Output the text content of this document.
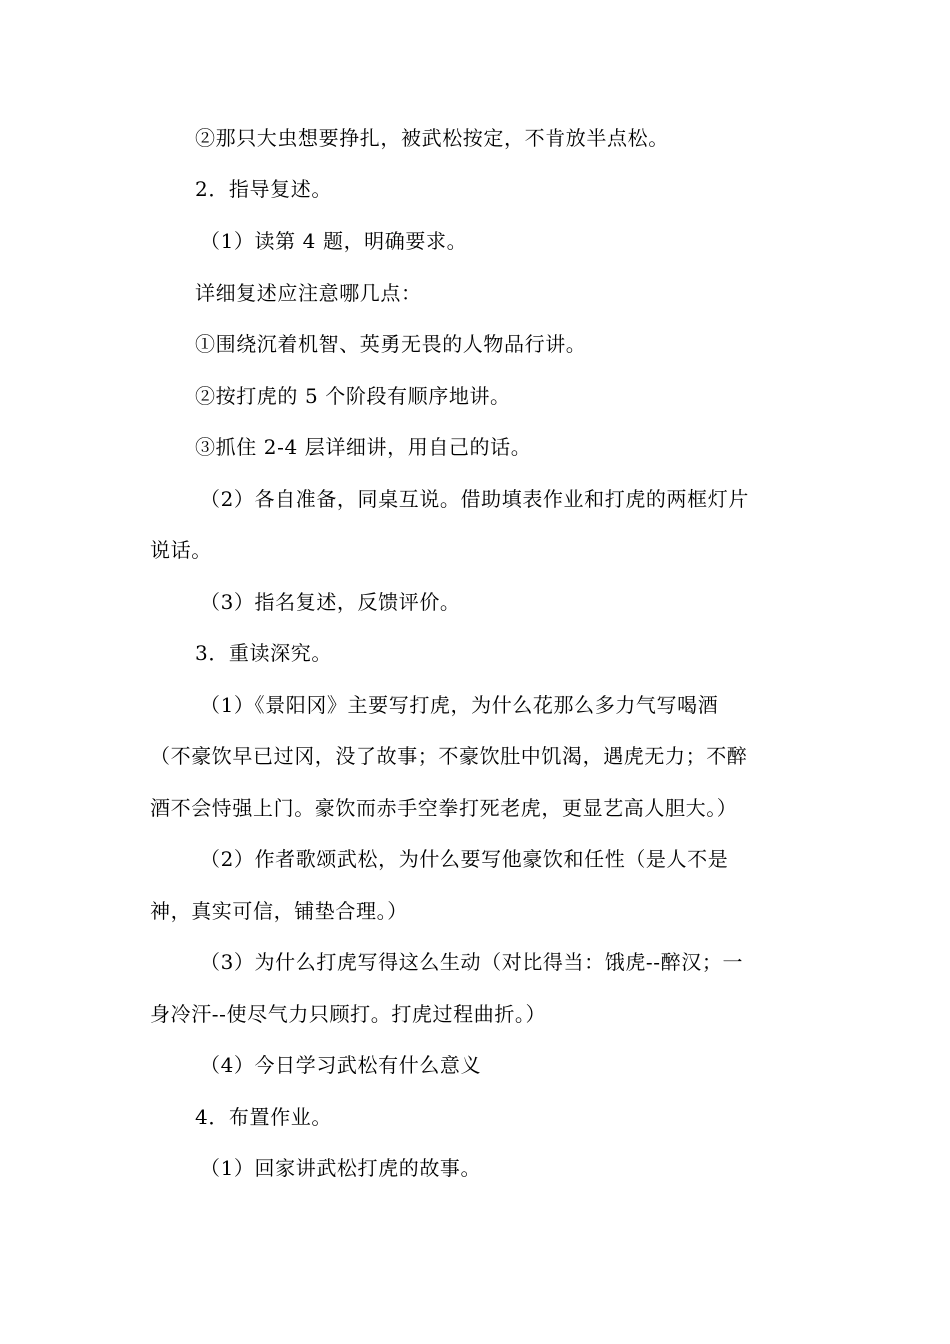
②那只大虫想要挣扎，被武松按定，不肯放半点松。
2．指导复述。
（1）读第 4 题，明确要求。
详细复述应注意哪几点：
①围绕沉着机智、英勇无畏的人物品行讲。
②按打虎的 5 个阶段有顺序地讲。
③抓住 2-4 层详细讲，用自己的话。
（2）各自准备，同桌互说。借助填表作业和打虎的两框灯片
说话。
（3）指名复述，反馈评价。
3．重读深究。
（1）《景阳冈》主要写打虎，为什么花那么多力气写喝酒
（不豪饮早已过冈，没了故事；不豪饮肚中饥渴，遇虎无力；不醉
酒不会恃强上门。豪饮而赤手空拳打死老虎，更显艺高人胆大。）
（2）作者歌颂武松，为什么要写他豪饮和任性（是人不是
神，真实可信，铺垫合理。）
（3）为什么打虎写得这么生动（对比得当：饿虎--醉汉；一
身冷汗--使尽气力只顾打。打虎过程曲折。）
（4）今日学习武松有什么意义
4．布置作业。
（1）回家讲武松打虎的故事。
